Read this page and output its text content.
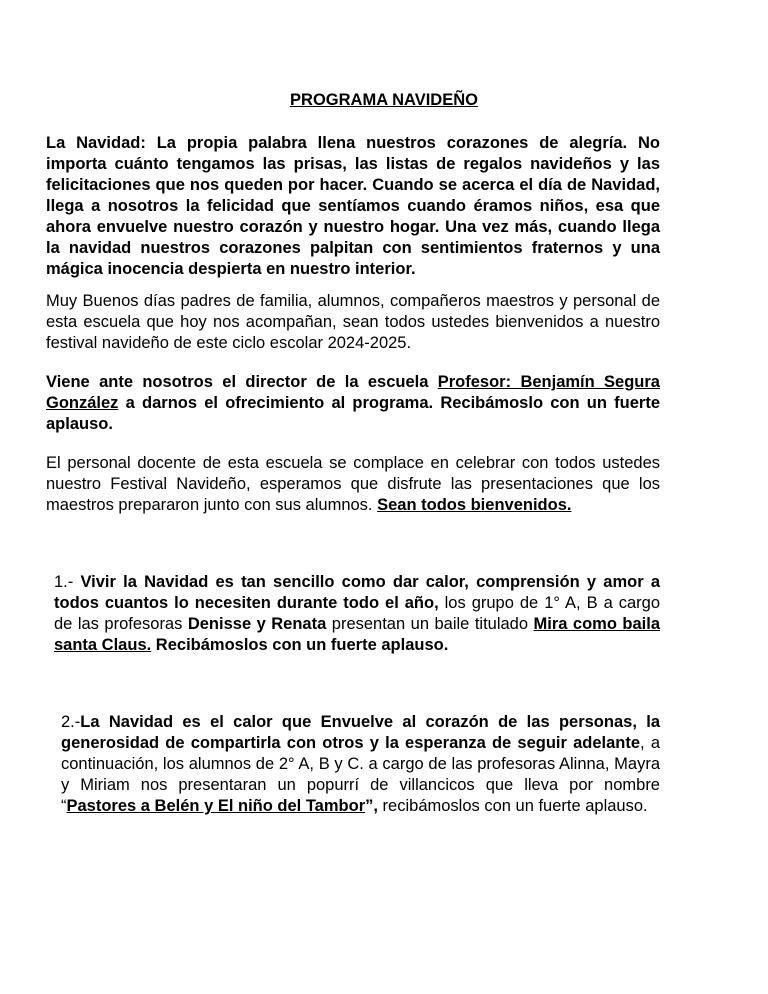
PROGRAMA NAVIDEÑO
La Navidad: La propia palabra llena nuestros corazones de alegría. No importa cuánto tengamos las prisas, las listas de regalos navideños y las felicitaciones que nos queden por hacer. Cuando se acerca el día de Navidad, llega a nosotros la felicidad que sentíamos cuando éramos niños, esa que ahora envuelve nuestro corazón y nuestro hogar. Una vez más, cuando llega la navidad nuestros corazones palpitan con sentimientos fraternos y una mágica inocencia despierta en nuestro interior.
Muy Buenos días padres de familia, alumnos, compañeros maestros y personal de esta escuela que hoy nos acompañan, sean todos ustedes bienvenidos a nuestro festival navideño de este ciclo escolar 2024-2025.
Viene ante nosotros el director de la escuela Profesor: Benjamín Segura González a darnos el ofrecimiento al programa. Recibámoslo con un fuerte aplauso.
El personal docente de esta escuela se complace en celebrar con todos ustedes nuestro Festival Navideño, esperamos que disfrute las presentaciones que los maestros prepararon junto con sus alumnos. Sean todos bienvenidos.
1.- Vivir la Navidad es tan sencillo como dar calor, comprensión y amor a todos cuantos lo necesiten durante todo el año, los grupo de 1° A, B a cargo de las profesoras Denisse y Renata presentan un baile titulado Mira como baila santa Claus. Recibámoslos con un fuerte aplauso.
2.-La Navidad es el calor que Envuelve al corazón de las personas, la generosidad de compartirla con otros y la esperanza de seguir adelante, a continuación, los alumnos de 2° A, B y C. a cargo de las profesoras Alinna, Mayra y Miriam nos presentaran un popurrí de villancicos que lleva por nombre “Pastores a Belén y El niño del Tambor”, recibámoslos con un fuerte aplauso.
